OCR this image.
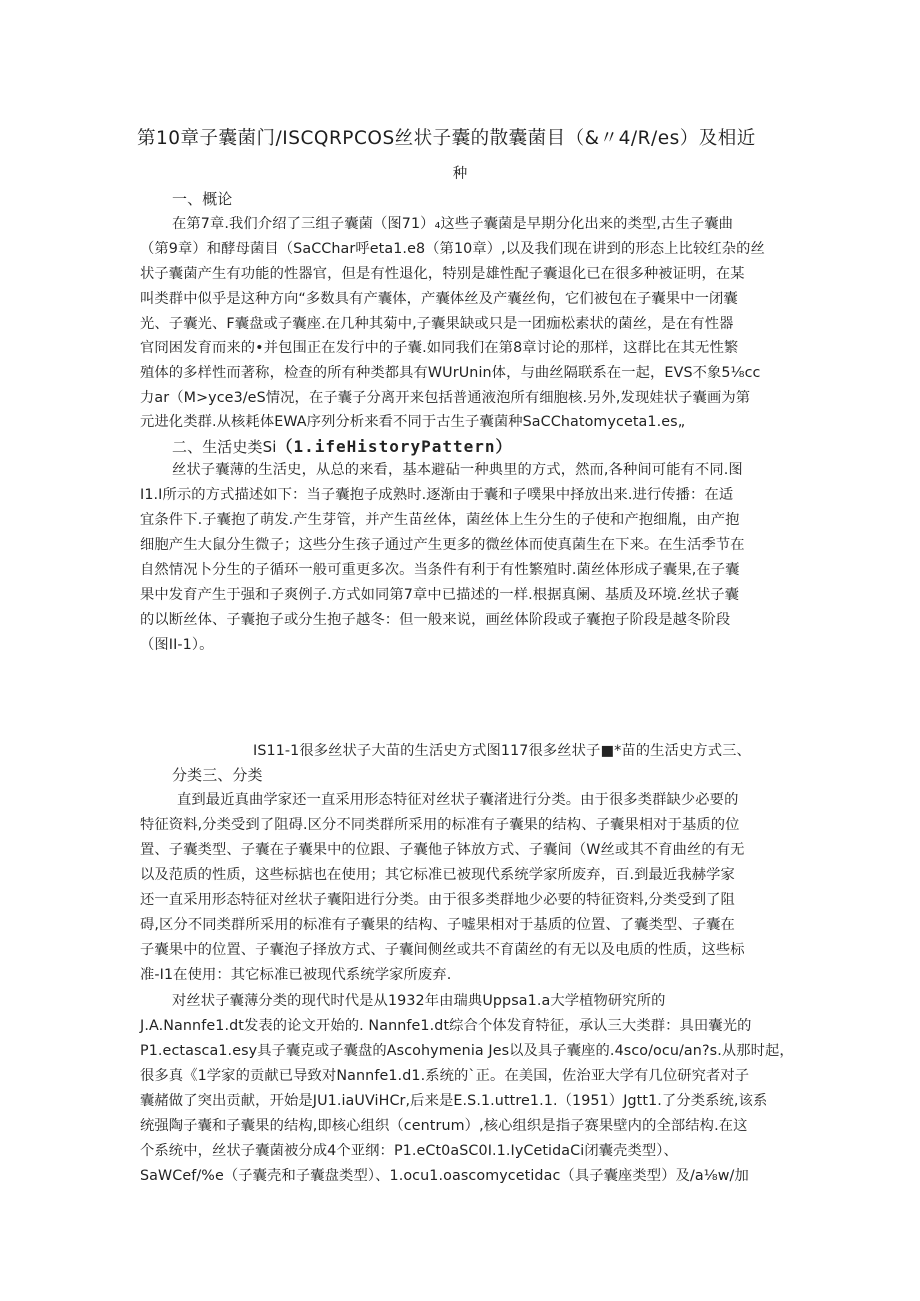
第10章子囊菌门/ISCQRPCOS丝状子囊的散囊菌目（&〃4/R/es）及相近
种
一、概论
在第7章.我们介绍了三组子囊菌（图71）₄这些子囊菌是早期分化出来的类型,古生子囊曲
（第9章）和酵母菌目（SaCChar呼eta1.e8（第10章）,以及我们现在讲到的形态上比较红杂的丝
状子囊菌产生有功能的性器官，但是有性退化，特别是雄性配子囊退化已在很多种被证明，在某
叫类群中似乎是这种方向“多数具有产囊体，产囊体丝及产囊丝佝，它们被包在子囊果中一闭囊
光、子囊光、F囊盘或子囊座.在几种其菊中,子囊果缺或只是一团痂松素状的菌丝，是在有性器
官冏困发育而来的•并包围正在发行中的子囊.如同我们在第8章讨论的那样，这群比在其无性繁
殖体的多样性而著称，检查的所有种类都具有WUrUnin体，与曲丝隔联系在一起，EVS不象5⅛cc
力ar（M>yce3/eS情况，在子囊子分离开来包括普通液泡所有细胞核.另外,发现娃状子囊画为第
元进化类群.从核耗体EWA序列分析来看不同于古生子囊菌种SaCChatomyceta1.es„
二、生活史类Si（1.ifeHistoryPattern）
丝状子囊薄的生活史，从总的来看，基本避砧一种典里的方式，然而,各种间可能有不同.图
I1.I所示的方式描述如下：当子囊抱子成熟时.逐渐由于囊和子噗果中择放出来.进行传播：在适
宜条件下.子囊抱了萌发.产生芽管，并产生苗丝体，菌丝体上生分生的子使和产抱细胤，由产抱
细胞产生大鼠分生微子；这些分生孩子通过产生更多的微丝体而使真菌生在下来。在生活季节在
自然情况卜分生的子循环一般可重更多次。当条件有利于有性繁殖时.菌丝体形成子囊果,在子囊
果中发育产生于强和子爽例子.方式如同第7章中已描述的一样.根据真阑、基质及环境.丝状子囊
的以断丝体、子囊抱子或分生抱子越冬：但一般来说，画丝体阶段或子囊抱子阶段是越冬阶段
（图II-1）。
IS11-1很多丝状子大苗的生活史方式图117很多丝状子■*苗的生活史方式三、
分类三、分类
直到最近真曲学家还一直采用形态特征对丝状子囊渚进行分类。由于很多类群缺少必要的
特征资料,分类受到了阻碍.区分不同类群所采用的标准有子囊果的结构、子囊果相对于基质的位
置、子囊类型、子囊在子囊果中的位跟、子囊他子钵放方式、子囊间（W丝或其不育曲丝的有无
以及范质的性质，这些标掂也在使用；其它标准已被现代系统学家所废弃，百.到最近我赫学家
还一直采用形态特征对丝状子囊阳进行分类。由于很多类群地少必要的特征资料,分类受到了阻
碍,区分不同类群所采用的标准有子囊果的结构、子嘘果相对于基质的位置、了囊类型、子囊在
子囊果中的位置、子囊泡子择放方式、子囊间侧丝或共不育菌丝的有无以及电质的性质，这些标
准-I1在使用：其它标准已被现代系统学家所废弃.
对丝状子囊薄分类的现代时代是从1932年由瑞典Uppsa1.a大学植物研究所的
J.A.Nannfe1.dt发表的论文开始的. Nannfe1.dt综合个体发育特征，承认三大类群：具田囊光的
P1.ectasca1.esy具子囊克或子囊盘的Ascohymenia Jes以及具子囊座的.4sco/ocu/an?s.从那时起，
很多真《1学家的贡献已导致对Nannfe1.d1.系统的`正。在美国，佐治亚大学有几位研究者对子
囊赭做了突出贡献，开始是JU1.iaUViHCr,后来是E.S.1.uttre1.1.（1951）Jgtt1.了分类系统,该系
统强陶子囊和子囊果的结构,即核心组织（centrum）,核心组织是指子赛果壁内的全部结构.在这
个系统中，丝状子囊菌被分成4个亚纲：P1.eCt0aSC0I.1.IyCetidaCi闭囊壳类型）、
SaWCef/%e（子囊壳和子囊盘类型）、1.ocu1.oascomycetidac（具子囊座类型）及/a⅛w/加
